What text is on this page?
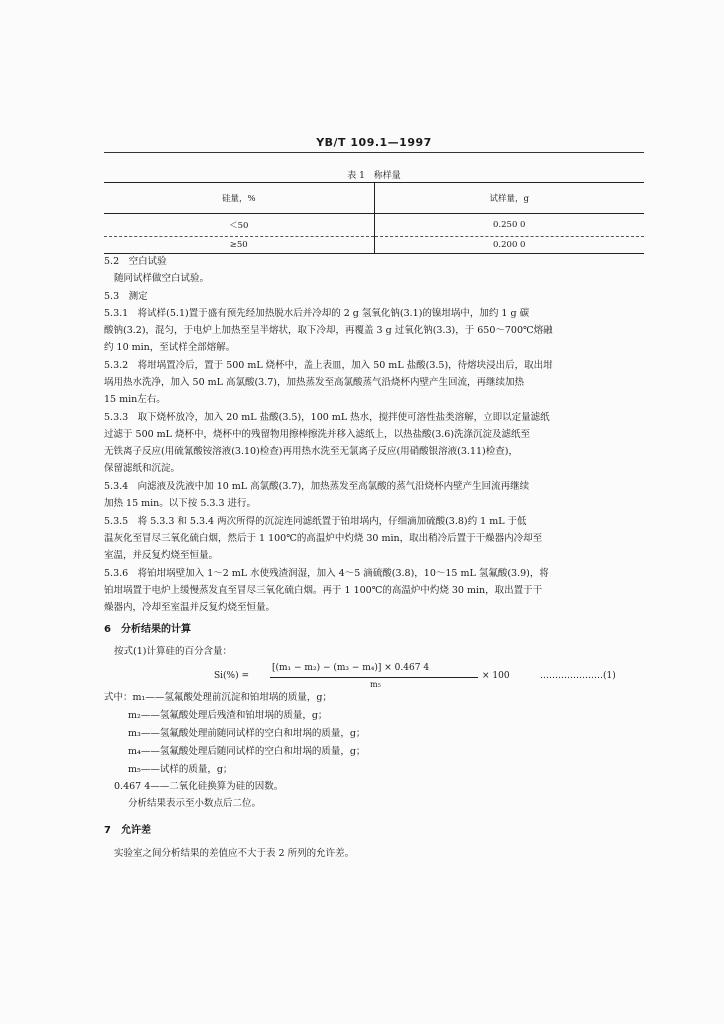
YB/T 109.1—1997
表 1　称样量
硅量，%	试样量，g
＜50	0.250 0
≥50	0.200 0
5.2　空白试验
随同试样做空白试验。
5.3　测定
5.3.1　将试样(5.1)置于盛有预先经加热脱水后并冷却的 2 g 氢氧化钠(3.1)的镍坩埚中，加约 1 g 碳
酸钠(3.2)，混匀，于电炉上加热至呈半熔状，取下冷却，再覆盖 3 g 过氧化钠(3.3)，于 650～700℃熔融
约 10 min，至试样全部熔解。
5.3.2　将坩埚置冷后，置于 500 mL 烧杯中，盖上表皿，加入 50 mL 盐酸(3.5)，待熔块浸出后，取出坩
埚用热水洗净，加入 50 mL 高氯酸(3.7)，加热蒸发至高氯酸蒸气沿烧杯内壁产生回流，再继续加热
15 min左右。
5.3.3　取下烧杯放冷，加入 20 mL 盐酸(3.5)，100 mL 热水，搅拌使可溶性盐类溶解，立即以定量滤纸
过滤于 500 mL 烧杯中，烧杯中的残留物用擦棒擦洗并移入滤纸上，以热盐酸(3.6)洗涤沉淀及滤纸至
无铁离子反应(用硫氰酸铵溶液(3.10)检查)再用热水洗至无氯离子反应(用硝酸银溶液(3.11)检查)，
保留滤纸和沉淀。
5.3.4　向滤液及洗液中加 10 mL 高氯酸(3.7)，加热蒸发至高氯酸的蒸气沿烧杯内壁产生回流再继续
加热 15 min。以下按 5.3.3 进行。
5.3.5　将 5.3.3 和 5.3.4 两次所得的沉淀连同滤纸置于铂坩埚内，仔细滴加硫酸(3.8)约 1 mL 于低
温灰化至冒尽三氧化硫白烟，然后于 1 100℃的高温炉中灼烧 30 min，取出稍冷后置于干燥器内冷却至
室温，并反复灼烧至恒量。
5.3.6　将铂坩埚壁加入 1～2 mL 水使残渣润湿，加入 4～5 滴硫酸(3.8)，10～15 mL 氢氟酸(3.9)，将
铂坩埚置于电炉上缓慢蒸发直至冒尽三氧化硫白烟。再于 1 100℃的高温炉中灼烧 30 min，取出置于干
燥器内，冷却至室温并反复灼烧至恒量。
6　分析结果的计算
按式(1)计算硅的百分含量：
Si(%) =
[(m₁ − m₂) − (m₃ − m₄)] × 0.467 4
m₅
× 100	…………………(1)
式中：m₁——氢氟酸处理前沉淀和铂坩埚的质量，g；
m₂——氢氟酸处理后残渣和铂坩埚的质量，g；
m₃——氢氟酸处理前随同试样的空白和坩埚的质量，g；
m₄——氢氟酸处理后随同试样的空白和坩埚的质量，g；
m₅——试样的质量，g；
0.467 4——二氧化硅换算为硅的因数。
分析结果表示至小数点后二位。
7　允许差
实验室之间分析结果的差值应不大于表 2 所列的允许差。
